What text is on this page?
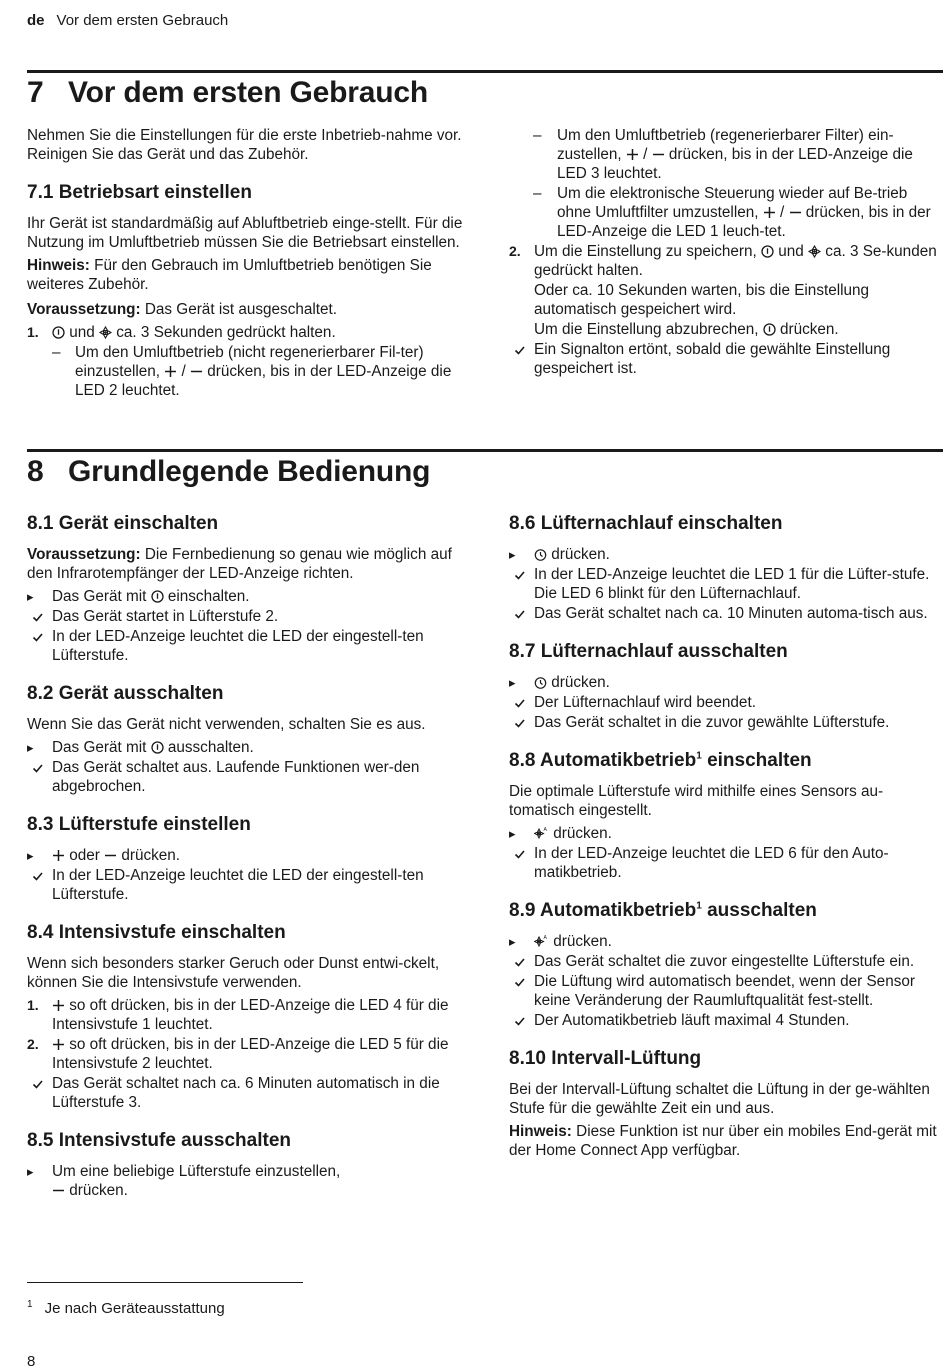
de Vor dem ersten Gebrauch
7 Vor dem ersten Gebrauch

Nehmen Sie die Einstellungen für die erste Inbetrieb-nahme vor. Reinigen Sie das Gerät und das Zubehör.

7.1 Betriebsart einstellen

Ihr Gerät ist standardmäßig auf Abluftbetrieb einge-stellt. Für die Nutzung im Umluftbetrieb müssen Sie die Betriebsart einstellen.

Hinweis: Für den Gebrauch im Umluftbetrieb benötigen Sie weiteres Zubehör.

Voraussetzung: Das Gerät ist ausgeschaltet.

1.	und  ca. 3 Sekunden gedrückt halten.
– Um den Umluftbetrieb (nicht regenerierbarer Fil-ter) einzustellen,  /  drücken, bis in der LED-Anzeige die LED 2 leuchtet.
– Um den Umluftbetrieb (regenerierbarer Filter) ein-zustellen,  /  drücken, bis in der LED-Anzeige die LED 3 leuchtet.
– Um die elektronische Steuerung wieder auf Be-trieb ohne Umluftfilter umzustellen,  /  drücken, bis in der LED-Anzeige die LED 1 leuch-tet.
2. Um die Einstellung zu speichern,  und  ca. 3 Se-kunden gedrückt halten.
Oder ca. 10 Sekunden warten, bis die Einstellung automatisch gespeichert wird.
Um die Einstellung abzubrechen,  drücken.
Ein Signalton ertönt, sobald die gewählte Einstellung gespeichert ist.
8 Grundlegende Bedienung
8.1 Gerät einschalten

Voraussetzung: Die Fernbedienung so genau wie möglich auf den Infrarotempfänger der LED-Anzeige richten.

▸	Das Gerät mit  einschalten.
Das Gerät startet in Lüfterstufe 2.
In der LED-Anzeige leuchtet die LED der eingestell-ten Lüfterstufe.
8.2 Gerät ausschalten

Wenn Sie das Gerät nicht verwenden, schalten Sie es aus.

▸	Das Gerät mit  ausschalten.
Das Gerät schaltet aus. Laufende Funktionen wer-den abgebrochen.
8.3 Lüfterstufe einstellen
▸	oder  drücken.
In der LED-Anzeige leuchtet die LED der eingestell-ten Lüfterstufe.
8.4 Intensivstufe einschalten

Wenn sich besonders starker Geruch oder Dunst entwi-ckelt, können Sie die Intensivstufe verwenden.

1.	so oft drücken, bis in der LED-Anzeige die LED 4 für die Intensivstufe 1 leuchtet.
2.	so oft drücken, bis in der LED-Anzeige die LED 5 für die Intensivstufe 2 leuchtet.
Das Gerät schaltet nach ca. 6 Minuten automatisch in die Lüfterstufe 3.
8.5 Intensivstufe ausschalten
▸	Um eine beliebige Lüfterstufe einzustellen,
drücken.
8.6 Lüfternachlauf einschalten
▸	drücken.
In der LED-Anzeige leuchtet die LED 1 für die Lüfter-stufe. Die LED 6 blinkt für den Lüfternachlauf.
Das Gerät schaltet nach ca. 10 Minuten automa-tisch aus.
8.7 Lüfternachlauf ausschalten
▸	drücken.
Der Lüfternachlauf wird beendet.
Das Gerät schaltet in die zuvor gewählte Lüfterstufe.
8.8 Automatikbetrieb$^1$ einschalten

Die optimale Lüfterstufe wird mithilfe eines Sensors au-tomatisch eingestellt.

▸	A drücken.
In der LED-Anzeige leuchtet die LED 6 für den Auto-matikbetrieb.
8.9 Automatikbetrieb$^1$ ausschalten
▸	A drücken.
Das Gerät schaltet die zuvor eingestellte Lüfterstufe ein.
Die Lüftung wird automatisch beendet, wenn der Sensor keine Veränderung der Raumluftqualität fest-stellt.
Der Automatikbetrieb läuft maximal 4 Stunden.
8.10 Intervall-Lüftung

Bei der Intervall-Lüftung schaltet die Lüftung in der ge-wählten Stufe für die gewählte Zeit ein und aus.

Hinweis: Diese Funktion ist nur über ein mobiles End-gerät mit der Home Connect App verfügbar.

$^1$ Je nach Geräteausstattung
8
